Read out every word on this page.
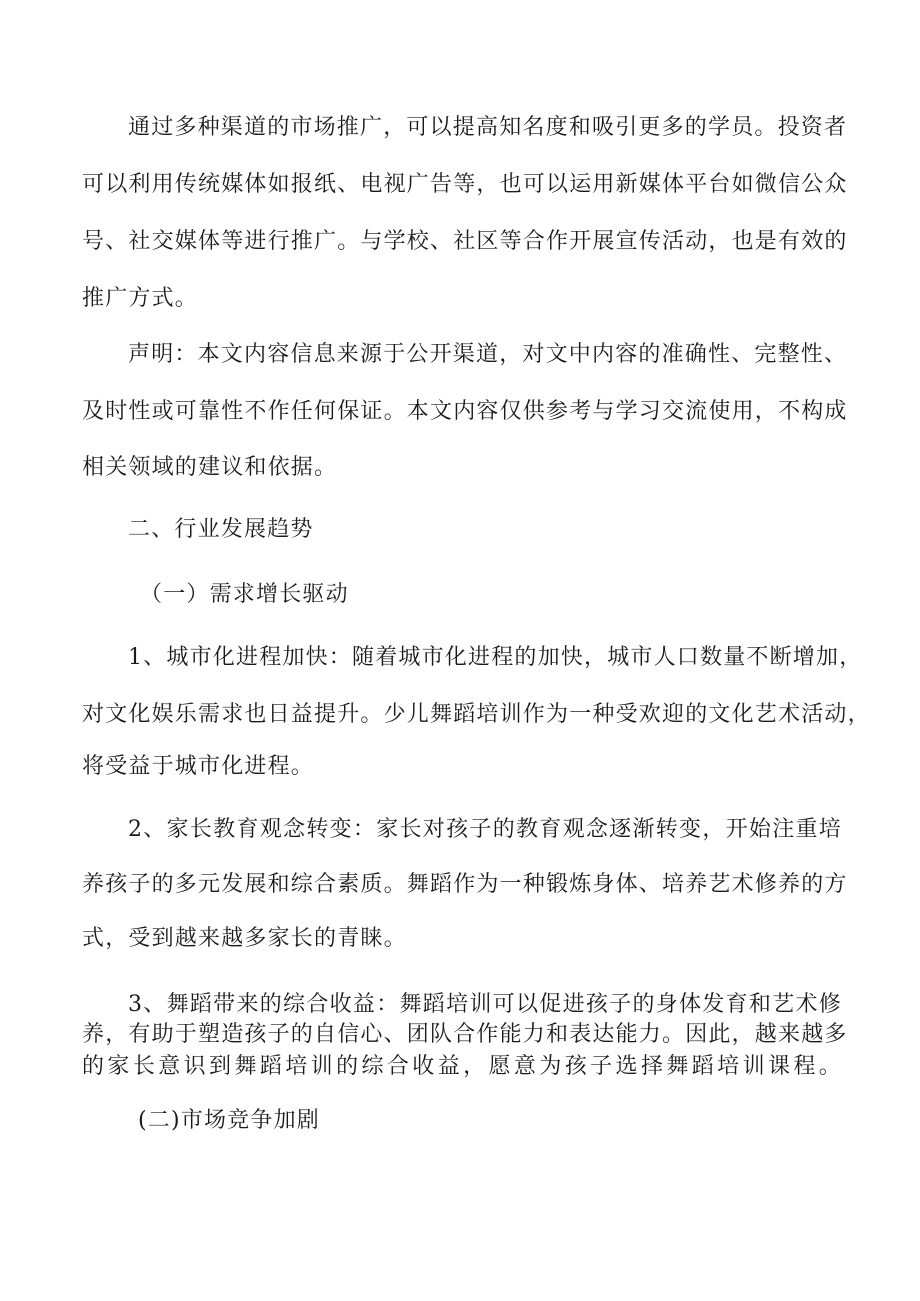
通过多种渠道的市场推广，可以提高知名度和吸引更多的学员。投资者
可以利用传统媒体如报纸、电视广告等，也可以运用新媒体平台如微信公众
号、社交媒体等进行推广。与学校、社区等合作开展宣传活动，也是有效的
推广方式。
声明：本文内容信息来源于公开渠道，对文中内容的准确性、完整性、
及时性或可靠性不作任何保证。本文内容仅供参考与学习交流使用，不构成
相关领域的建议和依据。
二、行业发展趋势
（一）需求增长驱动
1、城市化进程加快：随着城市化进程的加快，城市人口数量不断增加，
对文化娱乐需求也日益提升。少儿舞蹈培训作为一种受欢迎的文化艺术活动，
将受益于城市化进程。
2、家长教育观念转变：家长对孩子的教育观念逐渐转变，开始注重培
养孩子的多元发展和综合素质。舞蹈作为一种锻炼身体、培养艺术修养的方
式，受到越来越多家长的青睐。
3、舞蹈带来的综合收益：舞蹈培训可以促进孩子的身体发育和艺术修
养，有助于塑造孩子的自信心、团队合作能力和表达能力。因此，越来越多
的家长意识到舞蹈培训的综合收益，愿意为孩子选择舞蹈培训课程。
(二)市场竞争加剧
